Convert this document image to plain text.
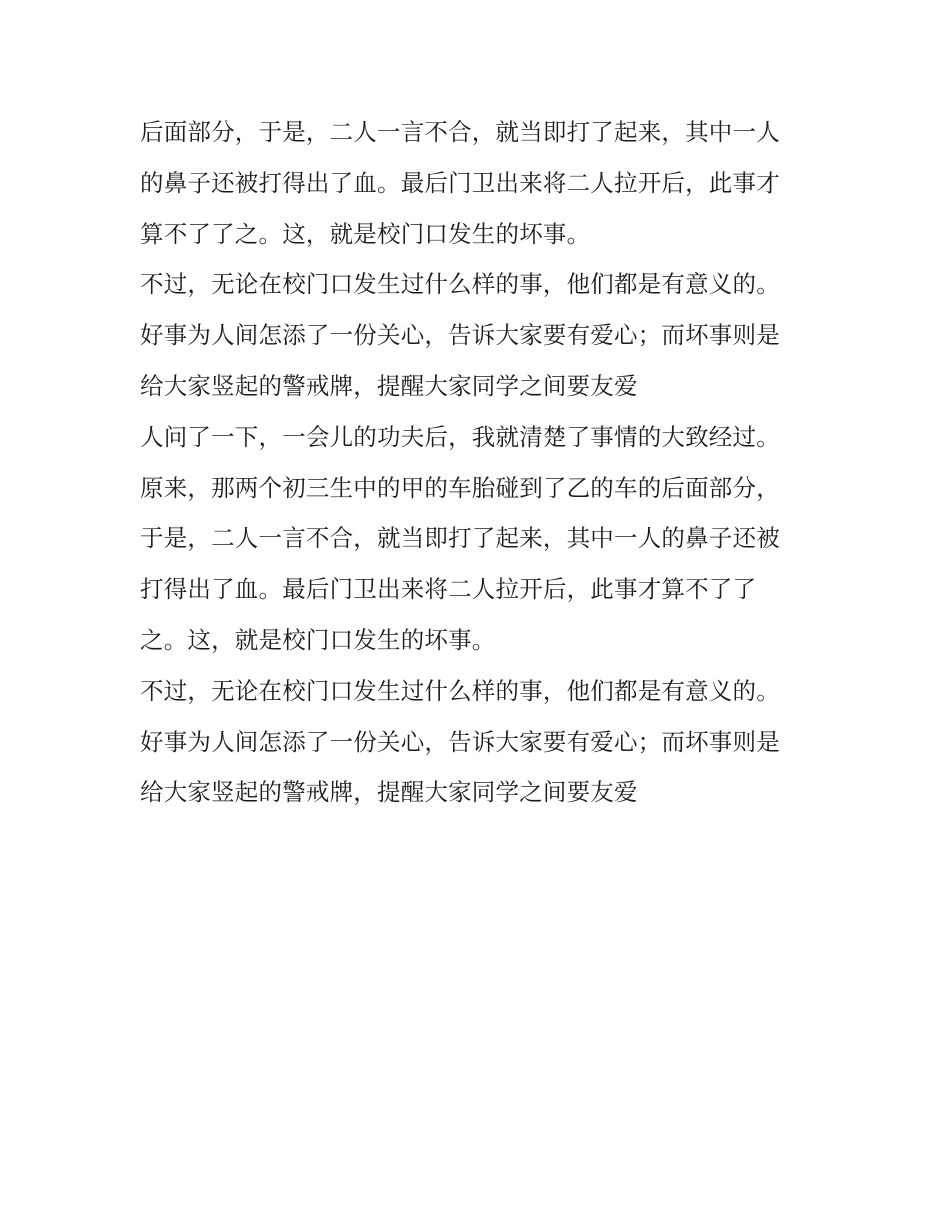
后面部分，于是，二人一言不合，就当即打了起来，其中一人

的鼻子还被打得出了血。最后门卫出来将二人拉开后，此事才

算不了了之。这，就是校门口发生的坏事。

不过，无论在校门口发生过什么样的事，他们都是有意义的。

好事为人间怎添了一份关心，告诉大家要有爱心；而坏事则是

给大家竖起的警戒牌，提醒大家同学之间要友爱

人问了一下，一会儿的功夫后，我就清楚了事情的大致经过。

原来，那两个初三生中的甲的车胎碰到了乙的车的后面部分，

于是，二人一言不合，就当即打了起来，其中一人的鼻子还被

打得出了血。最后门卫出来将二人拉开后，此事才算不了了

之。这，就是校门口发生的坏事。

不过，无论在校门口发生过什么样的事，他们都是有意义的。

好事为人间怎添了一份关心，告诉大家要有爱心；而坏事则是

给大家竖起的警戒牌，提醒大家同学之间要友爱
